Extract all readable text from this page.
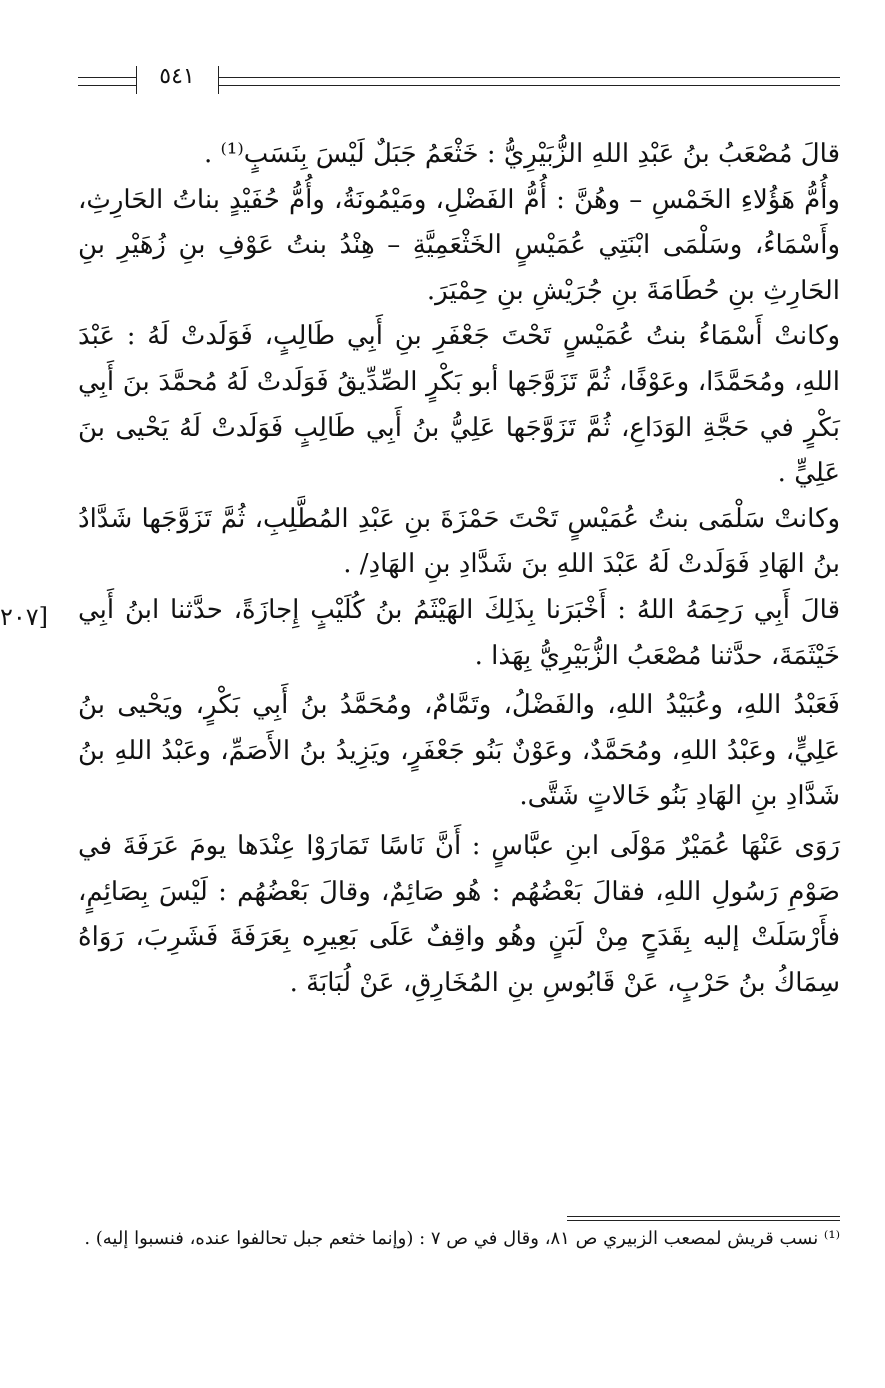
٥٤١

قالَ مُصْعَبُ بنُ عَبْدِ اللهِ الزُّبَيْرِيُّ : خَثْعَمُ جَبَلٌ لَيْسَ بِنَسَبٍ⁽¹⁾ .

وأُمُّ هَؤُلاءِ الخَمْسِ – وهُنَّ : أُمُّ الفَضْلِ، ومَيْمُونَةُ، وأُمُّ حُفَيْدٍ بناتُ الحَارِثِ، وأَسْمَاءُ، وسَلْمَى ابْنَتِي عُمَيْسٍ الخَثْعَمِيَّةِ – هِنْدُ بنتُ عَوْفِ بنِ زُهَيْرِ بنِ الحَارِثِ بنِ حُطَامَةَ بنِ جُرَيْشِ بنِ حِمْيَرَ.

وكانتْ أَسْمَاءُ بنتُ عُمَيْسٍ تَحْتَ جَعْفَرِ بنِ أَبِي طَالِبٍ، فَوَلَدتْ لَهُ : عَبْدَ اللهِ، ومُحَمَّدًا، وعَوْفًا، ثُمَّ تَزَوَّجَها أبو بَكْرٍ الصِّدِّيقُ فَوَلَدتْ لَهُ مُحمَّدَ بنَ أَبِي بَكْرٍ في حَجَّةِ الوَدَاعِ، ثُمَّ تَزَوَّجَها عَلِيُّ بنُ أَبِي طَالِبٍ فَوَلَدتْ لَهُ يَحْيى بنَ عَلِيٍّ .

وكانتْ سَلْمَى بنتُ عُمَيْسٍ تَحْتَ حَمْزَةَ بنِ عَبْدِ المُطَّلِبِ، ثُمَّ تَزَوَّجَها شَدَّادُ بنُ الهَادِ فَوَلَدتْ لَهُ عَبْدَ اللهِ بنَ شَدَّادِ بنِ الهَادِ/ .

قالَ أَبِي رَحِمَهُ اللهُ : أَخْبَرَنا بِذَلِكَ الهَيْثَمُ بنُ كُلَيْبٍ إِجازَةً، حدَّثنا ابنُ أَبِي خَيْثَمَةَ، حدَّثنا مُصْعَبُ الزُّبَيْرِيُّ بِهَذا .

فَعَبْدُ اللهِ، وعُبَيْدُ اللهِ، والفَضْلُ، وتَمَّامٌ، ومُحَمَّدُ بنُ أَبِي بَكْرٍ، ويَحْيى بنُ عَلِيٍّ، وعَبْدُ اللهِ، ومُحَمَّدٌ، وعَوْنٌ بَنُو جَعْفَرٍ، ويَزِيدُ بنُ الأَصَمِّ، وعَبْدُ اللهِ بنُ شَدَّادِ بنِ الهَادِ بَنُو خَالاتٍ شَتَّى.

رَوَى عَنْهَا عُمَيْرٌ مَوْلَى ابنِ عبَّاسٍ : أَنَّ نَاسًا تَمَارَوْا عِنْدَها يومَ عَرَفَةَ في صَوْمِ رَسُولِ اللهِ، فقالَ بَعْضُهُم : هُو صَائِمٌ، وقالَ بَعْضُهُم : لَيْسَ بِصَائِمٍ، فأَرْسَلَتْ إليه بِقَدَحٍ مِنْ لَبَنٍ وهُو واقِفٌ عَلَى بَعِيرِه بِعَرَفَةَ فَشَرِبَ، رَوَاهُ سِمَاكُ بنُ حَرْبٍ، عَنْ قَابُوسِ بنِ المُخَارِقِ، عَنْ لُبَابَةَ .

[٢٠٧

⁽¹⁾ نسب قريش لمصعب الزبيري ص ٨١، وقال في ص ٧ : (وإنما خثعم جبل تحالفوا عنده، فنسبوا إليه) .
